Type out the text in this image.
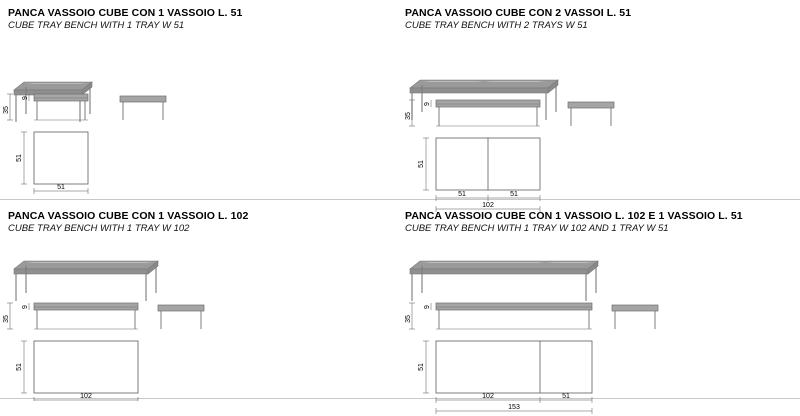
PANCA VASSOIO CUBE CON 1 VASSOIO L. 51
CUBE TRAY BENCH WITH 1 TRAY W 51
35
9
51
51
PANCA VASSOIO CUBE CON 2 VASSOI L. 51
CUBE TRAY BENCH WITH 2 TRAYS W 51
35
9
51
51	51
102
PANCA VASSOIO CUBE CON 1 VASSOIO L. 102
CUBE TRAY BENCH WITH 1 TRAY W 102
35
9
51
102
PANCA VASSOIO CUBE CON 1 VASSOIO L. 102 E 1 VASSOIO L. 51
CUBE TRAY BENCH WITH 1 TRAY W 102 AND 1 TRAY W 51
35
9
51
102	51
153
